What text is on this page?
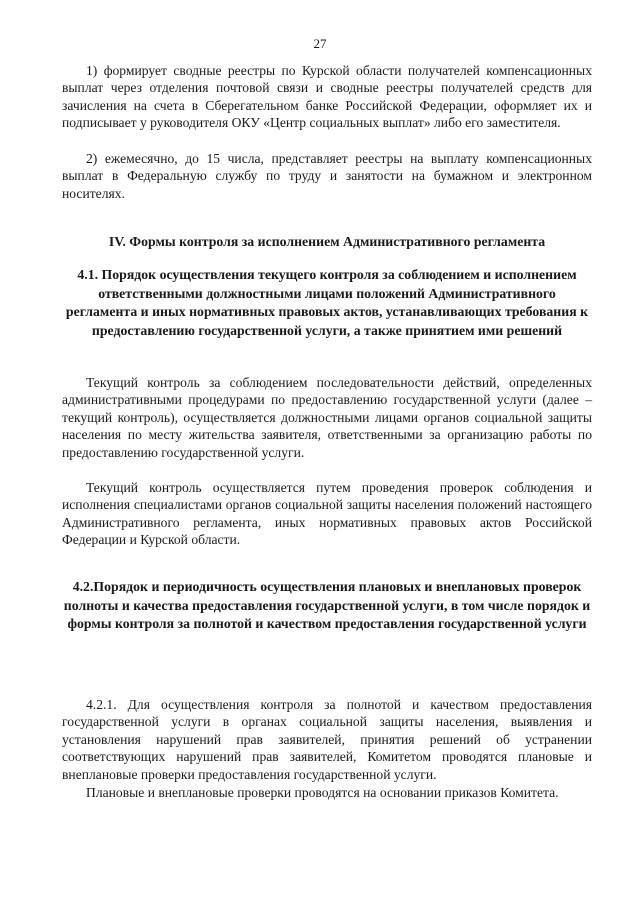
27

1) формирует сводные реестры по Курской области получателей компенсационных выплат через отделения почтовой связи и сводные реестры получателей средств для зачисления на счета в Сберегательном банке Российской Федерации, оформляет их и подписывает у руководителя ОКУ «Центр социальных выплат» либо его заместителя.

2) ежемесячно, до 15 числа, представляет реестры на выплату компенсационных выплат в Федеральную службу по труду и занятости на бумажном и электронном носителях.

IV. Формы контроля за исполнением Административного регламента
4.1. Порядок осуществления текущего контроля за соблюдением и исполнением ответственными должностными лицами положений Административного регламента и иных нормативных правовых актов, устанавливающих требования к предоставлению государственной услуги, а также принятием ими решений

Текущий контроль за соблюдением последовательности действий, определенных административными процедурами по предоставлению государственной услуги (далее – текущий контроль), осуществляется должностными лицами органов социальной защиты населения по месту жительства заявителя, ответственными за организацию работы по предоставлению государственной услуги.

Текущий контроль осуществляется путем проведения проверок соблюдения и исполнения специалистами органов социальной защиты населения положений настоящего Административного регламента, иных нормативных правовых актов Российской Федерации и Курской области.

4.2.Порядок и периодичность осуществления плановых и внеплановых проверок полноты и качества предоставления государственной услуги, в том числе порядок и формы контроля за полнотой и качеством предоставления государственной услуги

4.2.1. Для осуществления контроля за полнотой и качеством предоставления государственной услуги в органах социальной защиты населения, выявления и установления нарушений прав заявителей, принятия решений об устранении соответствующих нарушений прав заявителей, Комитетом проводятся плановые и внеплановые проверки предоставления государственной услуги.

Плановые и внеплановые проверки проводятся на основании приказов Комитета.
